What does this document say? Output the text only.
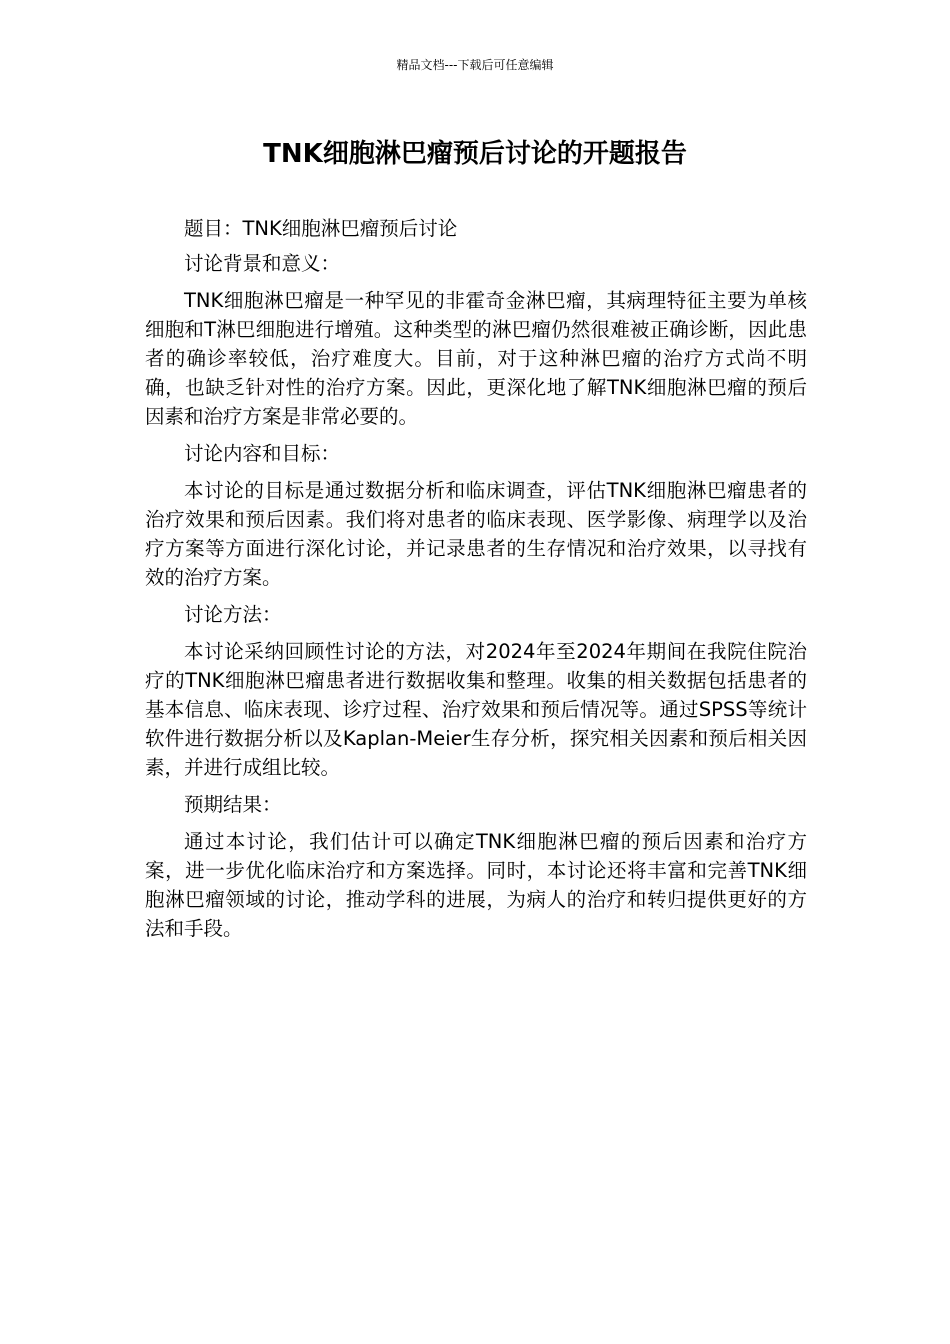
精品文档---下载后可任意编辑
TNK细胞淋巴瘤预后讨论的开题报告

题目：TNK细胞淋巴瘤预后讨论

讨论背景和意义：

TNK细胞淋巴瘤是一种罕见的非霍奇金淋巴瘤，其病理特征主要为单核细胞和T淋巴细胞进行增殖。这种类型的淋巴瘤仍然很难被正确诊断，因此患者的确诊率较低，治疗难度大。目前，对于这种淋巴瘤的治疗方式尚不明确，也缺乏针对性的治疗方案。因此，更深化地了解TNK细胞淋巴瘤的预后因素和治疗方案是非常必要的。

讨论内容和目标：

本讨论的目标是通过数据分析和临床调查，评估TNK细胞淋巴瘤患者的治疗效果和预后因素。我们将对患者的临床表现、医学影像、病理学以及治疗方案等方面进行深化讨论，并记录患者的生存情况和治疗效果，以寻找有效的治疗方案。

讨论方法：

本讨论采纳回顾性讨论的方法，对2024年至2024年期间在我院住院治疗的TNK细胞淋巴瘤患者进行数据收集和整理。收集的相关数据包括患者的基本信息、临床表现、诊疗过程、治疗效果和预后情况等。通过SPSS等统计软件进行数据分析以及Kaplan-Meier生存分析，探究相关因素和预后相关因素，并进行成组比较。

预期结果：

通过本讨论，我们估计可以确定TNK细胞淋巴瘤的预后因素和治疗方案，进一步优化临床治疗和方案选择。同时，本讨论还将丰富和完善TNK细胞淋巴瘤领域的讨论，推动学科的进展，为病人的治疗和转归提供更好的方法和手段。
